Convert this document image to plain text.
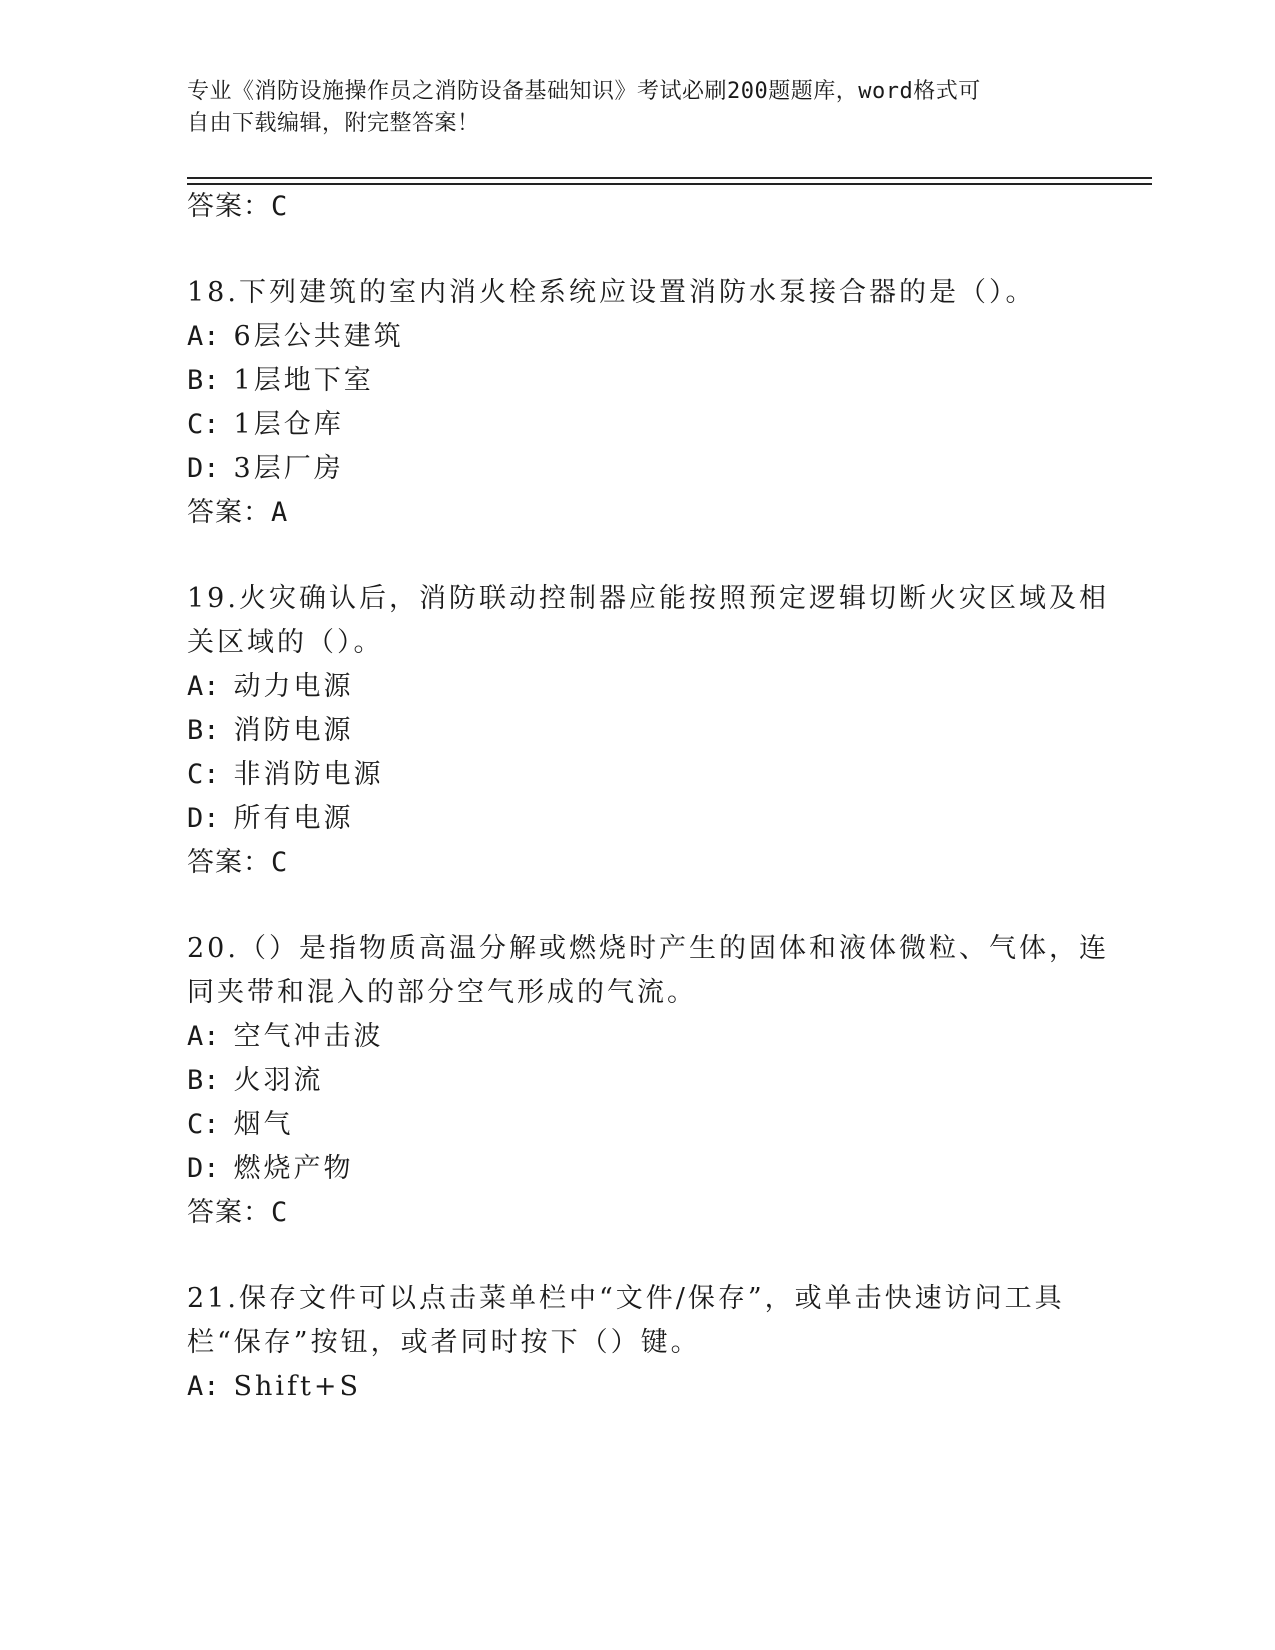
专业《消防设施操作员之消防设备基础知识》考试必刷200题题库，word格式可
自由下载编辑，附完整答案！
答案：C
18.下列建筑的室内消火栓系统应设置消防水泵接合器的是（）。
A: 6层公共建筑
B: 1层地下室
C: 1层仓库
D: 3层厂房
答案：A
19.火灾确认后，消防联动控制器应能按照预定逻辑切断火灾区域及相
关区域的（）。
A: 动力电源
B: 消防电源
C: 非消防电源
D: 所有电源
答案：C
20.（）是指物质高温分解或燃烧时产生的固体和液体微粒、气体，连
同夹带和混入的部分空气形成的气流。
A: 空气冲击波
B: 火羽流
C: 烟气
D: 燃烧产物
答案：C
21.保存文件可以点击菜单栏中“文件/保存”，或单击快速访问工具
栏“保存”按钮，或者同时按下（）键。
A: Shift+S
